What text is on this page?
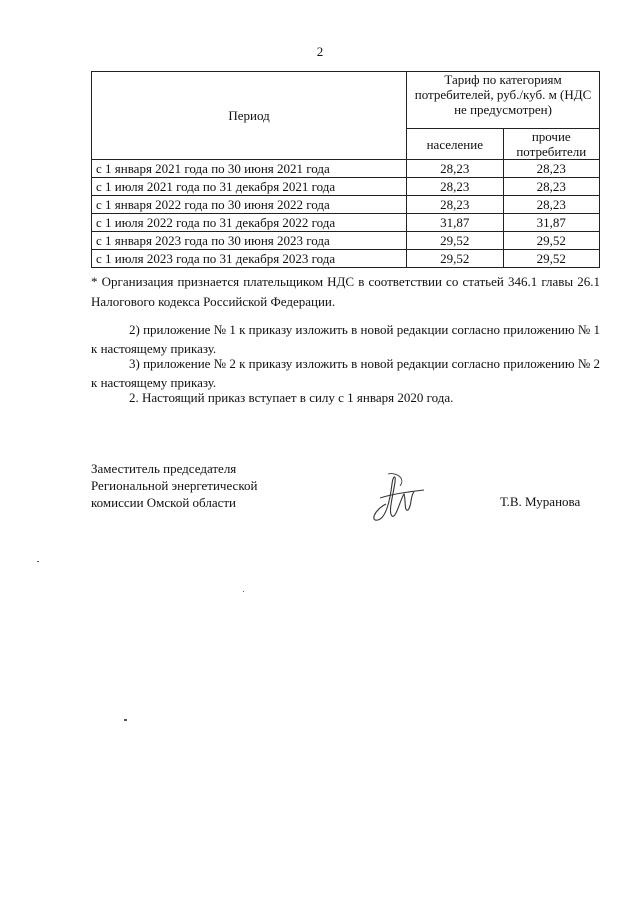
2
Период	Тариф по категориям потребителей, руб./куб. м (НДС не предусмотрен)	
	население	прочие потребители
с 1 января 2021 года по 30 июня 2021 года	28,23	28,23
с 1 июля 2021 года по 31 декабря 2021 года	28,23	28,23
с 1 января 2022 года по 30 июня 2022 года	28,23	28,23
с 1 июля 2022 года по 31 декабря 2022 года	31,87	31,87
с 1 января 2023 года по 30 июня 2023 года	29,52	29,52
с 1 июля 2023 года по 31 декабря 2023 года	29,52	29,52
* Организация признается плательщиком НДС в соответствии со статьей 346.1 главы 26.1 Налогового кодекса Российской Федерации.
2) приложение № 1 к приказу изложить в новой редакции согласно приложению № 1 к настоящему приказу.
3) приложение № 2 к приказу изложить в новой редакции согласно приложению № 2 к настоящему приказу.
2. Настоящий приказ вступает в силу с 1 января 2020 года.
Заместитель председателя
Региональной энергетической
комиссии Омской области	Т.В. Муранова
